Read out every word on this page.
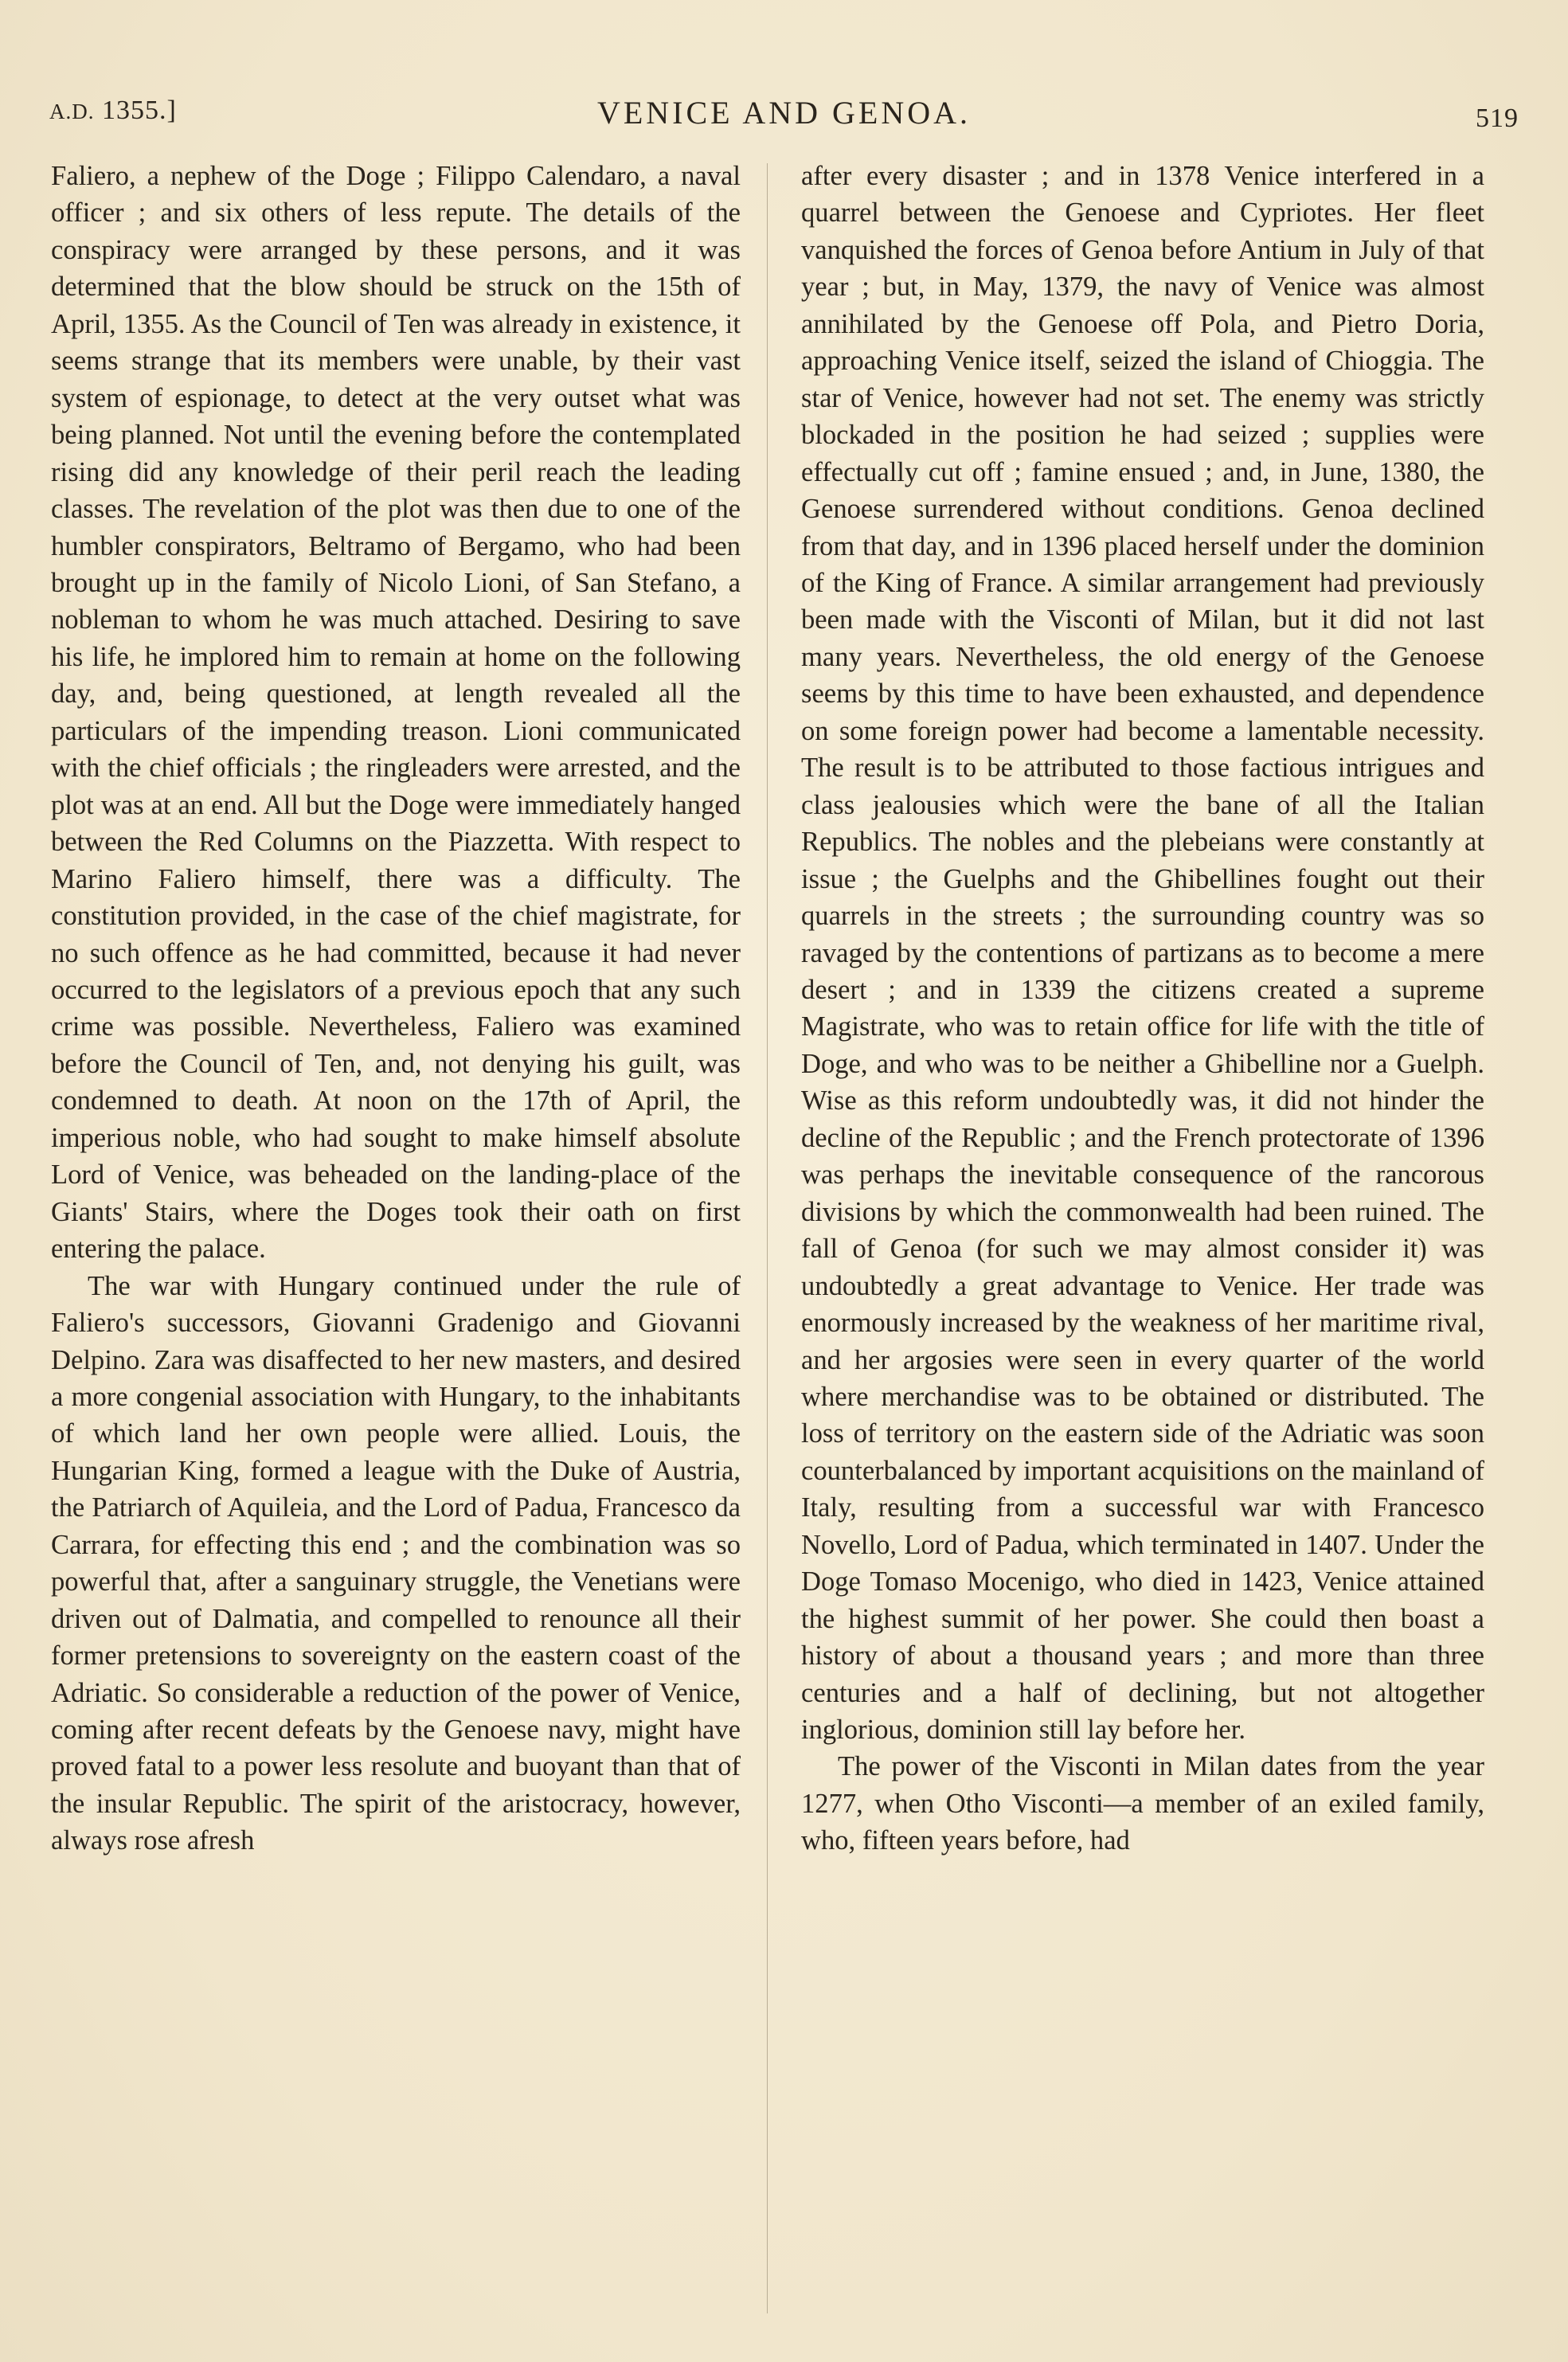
A.D. 1355.]	VENICE AND GENOA.	519

Faliero, a nephew of the Doge ; Filippo Calendaro, a naval officer ; and six others of less repute. The details of the conspiracy were arranged by these persons, and it was determined that the blow should be struck on the 15th of April, 1355. As the Council of Ten was already in existence, it seems strange that its members were unable, by their vast system of espionage, to detect at the very outset what was being planned. Not until the evening before the contemplated rising did any knowledge of their peril reach the leading classes. The revelation of the plot was then due to one of the humbler conspirators, Beltramo of Bergamo, who had been brought up in the family of Nicolo Lioni, of San Stefano, a nobleman to whom he was much attached. Desiring to save his life, he implored him to remain at home on the following day, and, being questioned, at length revealed all the particulars of the impending treason. Lioni communicated with the chief officials ; the ringleaders were arrested, and the plot was at an end. All but the Doge were immediately hanged between the Red Columns on the Piazzetta. With respect to Marino Faliero himself, there was a difficulty. The constitution provided, in the case of the chief magistrate, for no such offence as he had committed, because it had never occurred to the legislators of a previous epoch that any such crime was possible. Nevertheless, Faliero was examined before the Council of Ten, and, not denying his guilt, was condemned to death. At noon on the 17th of April, the imperious noble, who had sought to make himself absolute Lord of Venice, was beheaded on the landing-place of the Giants' Stairs, where the Doges took their oath on first entering the palace.

The war with Hungary continued under the rule of Faliero's successors, Giovanni Gradenigo and Giovanni Delpino. Zara was disaffected to her new masters, and desired a more congenial association with Hungary, to the inhabitants of which land her own people were allied. Louis, the Hungarian King, formed a league with the Duke of Austria, the Patriarch of Aquileia, and the Lord of Padua, Francesco da Carrara, for effecting this end ; and the combination was so powerful that, after a sanguinary struggle, the Venetians were driven out of Dalmatia, and compelled to renounce all their former pretensions to sovereignty on the eastern coast of the Adriatic. So considerable a reduction of the power of Venice, coming after recent defeats by the Genoese navy, might have proved fatal to a power less resolute and buoyant than that of the insular Republic. The spirit of the aristocracy, however, always rose afresh

after every disaster ; and in 1378 Venice interfered in a quarrel between the Genoese and Cypriotes. Her fleet vanquished the forces of Genoa before Antium in July of that year ; but, in May, 1379, the navy of Venice was almost annihilated by the Genoese off Pola, and Pietro Doria, approaching Venice itself, seized the island of Chioggia. The star of Venice, however had not set. The enemy was strictly blockaded in the position he had seized ; supplies were effectually cut off ; famine ensued ; and, in June, 1380, the Genoese surrendered without conditions. Genoa declined from that day, and in 1396 placed herself under the dominion of the King of France. A similar arrangement had previously been made with the Visconti of Milan, but it did not last many years. Nevertheless, the old energy of the Genoese seems by this time to have been exhausted, and dependence on some foreign power had become a lamentable necessity. The result is to be attributed to those factious intrigues and class jealousies which were the bane of all the Italian Republics. The nobles and the plebeians were constantly at issue ; the Guelphs and the Ghibellines fought out their quarrels in the streets ; the surrounding country was so ravaged by the contentions of partizans as to become a mere desert ; and in 1339 the citizens created a supreme Magistrate, who was to retain office for life with the title of Doge, and who was to be neither a Ghibelline nor a Guelph. Wise as this reform undoubtedly was, it did not hinder the decline of the Republic ; and the French protectorate of 1396 was perhaps the inevitable consequence of the rancorous divisions by which the commonwealth had been ruined. The fall of Genoa (for such we may almost consider it) was undoubtedly a great advantage to Venice. Her trade was enormously increased by the weakness of her maritime rival, and her argosies were seen in every quarter of the world where merchandise was to be obtained or distributed. The loss of territory on the eastern side of the Adriatic was soon counterbalanced by important acquisitions on the mainland of Italy, resulting from a successful war with Francesco Novello, Lord of Padua, which terminated in 1407. Under the Doge Tomaso Mocenigo, who died in 1423, Venice attained the highest summit of her power. She could then boast a history of about a thousand years ; and more than three centuries and a half of declining, but not altogether inglorious, dominion still lay before her.

The power of the Visconti in Milan dates from the year 1277, when Otho Visconti—a member of an exiled family, who, fifteen years before, had
